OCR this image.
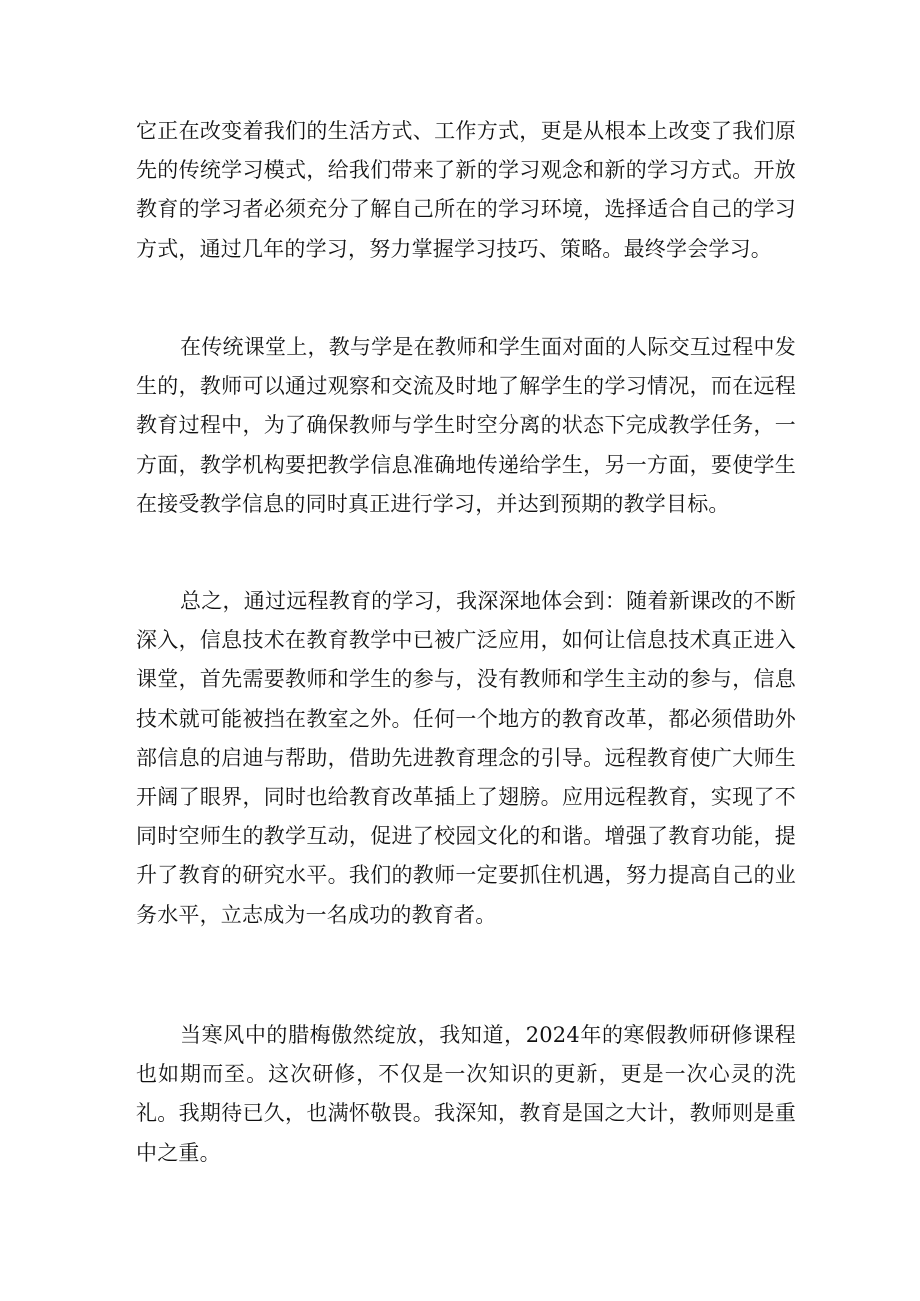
它正在改变着我们的生活方式、工作方式，更是从根本上改变了我们原先的传统学习模式，给我们带来了新的学习观念和新的学习方式。开放教育的学习者必须充分了解自己所在的学习环境，选择适合自己的学习方式，通过几年的学习，努力掌握学习技巧、策略。最终学会学习。

在传统课堂上，教与学是在教师和学生面对面的人际交互过程中发生的，教师可以通过观察和交流及时地了解学生的学习情况，而在远程教育过程中，为了确保教师与学生时空分离的状态下完成教学任务，一方面，教学机构要把教学信息准确地传递给学生，另一方面，要使学生在接受教学信息的同时真正进行学习，并达到预期的教学目标。

总之，通过远程教育的学习，我深深地体会到：随着新课改的不断深入，信息技术在教育教学中已被广泛应用，如何让信息技术真正进入课堂，首先需要教师和学生的参与，没有教师和学生主动的参与，信息技术就可能被挡在教室之外。任何一个地方的教育改革，都必须借助外部信息的启迪与帮助，借助先进教育理念的引导。远程教育使广大师生开阔了眼界，同时也给教育改革插上了翅膀。应用远程教育，实现了不同时空师生的教学互动，促进了校园文化的和谐。增强了教育功能，提升了教育的研究水平。我们的教师一定要抓住机遇，努力提高自己的业务水平，立志成为一名成功的教育者。

当寒风中的腊梅傲然绽放，我知道，2024年的寒假教师研修课程也如期而至。这次研修，不仅是一次知识的更新，更是一次心灵的洗礼。我期待已久，也满怀敬畏。我深知，教育是国之大计，教师则是重中之重。
